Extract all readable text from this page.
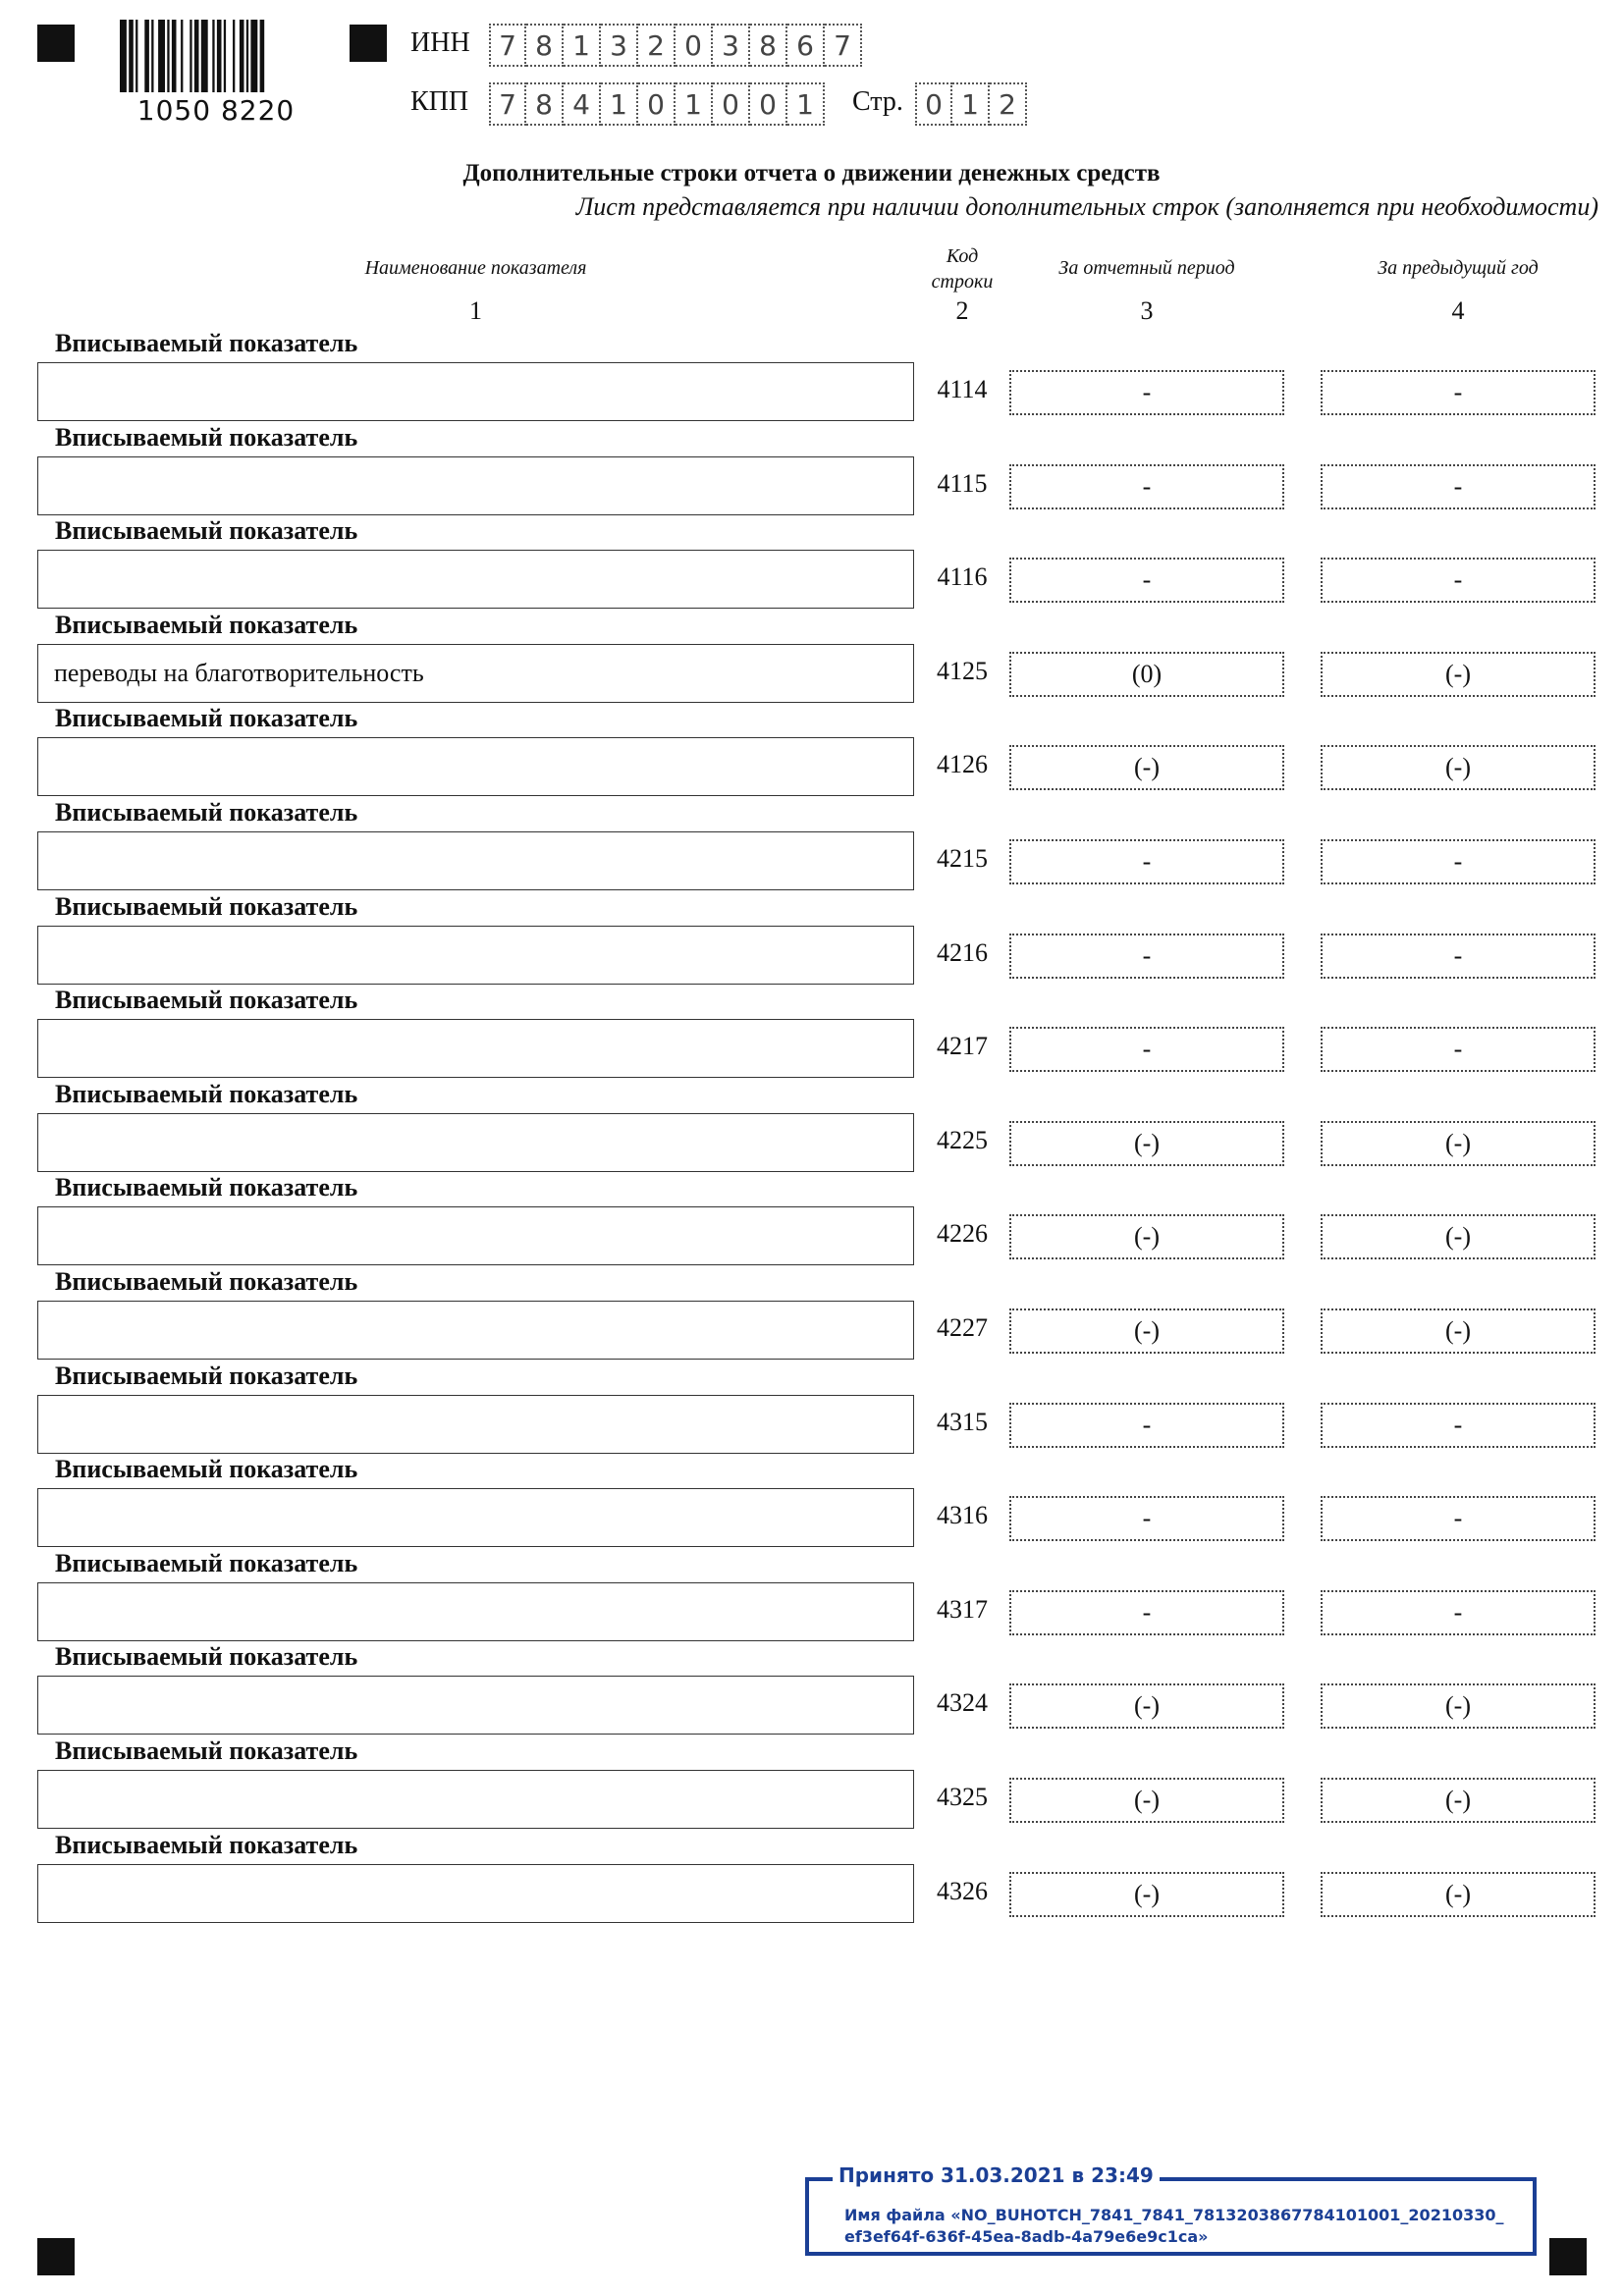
1050 8220
ИНН	7 8 1 3 2 0 3 8 6 7
КПП	7 8 4 1 0 1 0 0 1	Стр. 0 1 2
Дополнительные строки отчета о движении денежных средств
Лист представляется при наличии дополнительных строк (заполняется при необходимости)
Наименование показателя
Код
строки
За отчетный период	За предыдущий год
1	2	3	4
Вписываемый показатель
4114	-	-
Вписываемый показатель
4115	-	-
Вписываемый показатель
4116	-	-
Вписываемый показатель
переводы на благотворительность	4125	(0)	(-)
Вписываемый показатель
4126	(-)	(-)
Вписываемый показатель
4215	-	-
Вписываемый показатель
4216	-	-
Вписываемый показатель
4217	-	-
Вписываемый показатель
4225	(-)	(-)
Вписываемый показатель
4226	(-)	(-)
Вписываемый показатель
4227	(-)	(-)
Вписываемый показатель
4315	-	-
Вписываемый показатель
4316	-	-
Вписываемый показатель
4317	-	-
Вписываемый показатель
4324	(-)	(-)
Вписываемый показатель
4325	(-)	(-)
Вписываемый показатель
4326	(-)	(-)
Принято 31.03.2021 в 23:49
Имя файла «NO_BUHOTCH_7841_7841_7813203867784101001_20210330_
ef3ef64f-636f-45ea-8adb-4a79e6e9c1ca»
